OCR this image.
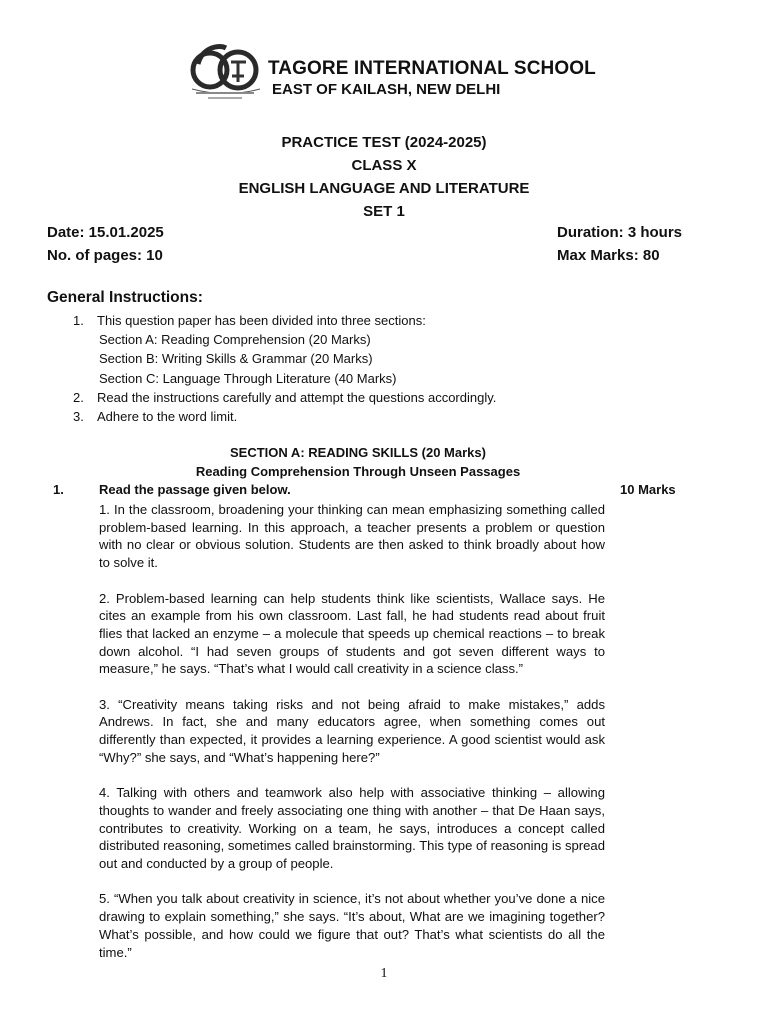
TAGORE INTERNATIONAL SCHOOL
EAST OF KAILASH, NEW DELHI
PRACTICE TEST (2024-2025)
CLASS X
ENGLISH LANGUAGE AND LITERATURE
SET 1
Date: 15.01.2025	Duration: 3 hours
No. of pages: 10	Max Marks: 80
General Instructions:
1. This question paper has been divided into three sections:
Section A: Reading Comprehension (20 Marks)
Section B: Writing Skills & Grammar (20 Marks)
Section C: Language Through Literature (40 Marks)
2. Read the instructions carefully and attempt the questions accordingly.
3. Adhere to the word limit.
SECTION A: READING SKILLS (20 Marks)
Reading Comprehension Through Unseen Passages
1.	Read the passage given below.	10 Marks

1. In the classroom, broadening your thinking can mean emphasizing something called problem-based learning. In this approach, a teacher presents a problem or question with no clear or obvious solution. Students are then asked to think broadly about how to solve it.

2. Problem-based learning can help students think like scientists, Wallace says. He cites an example from his own classroom. Last fall, he had students read about fruit flies that lacked an enzyme – a molecule that speeds up chemical reactions – to break down alcohol. “I had seven groups of students and got seven different ways to measure,” he says. “That’s what I would call creativity in a science class.”

3. “Creativity means taking risks and not being afraid to make mistakes,” adds Andrews. In fact, she and many educators agree, when something comes out differently than expected, it provides a learning experience. A good scientist would ask “Why?” she says, and “What’s happening here?”

4. Talking with others and teamwork also help with associative thinking – allowing thoughts to wander and freely associating one thing with another – that De Haan says, contributes to creativity. Working on a team, he says, introduces a concept called distributed reasoning, sometimes called brainstorming. This type of reasoning is spread out and conducted by a group of people.

5. “When you talk about creativity in science, it’s not about whether you’ve done a nice drawing to explain something,” she says. “It’s about, What are we imagining together? What’s possible, and how could we figure that out? That’s what scientists do all the time.”

1
